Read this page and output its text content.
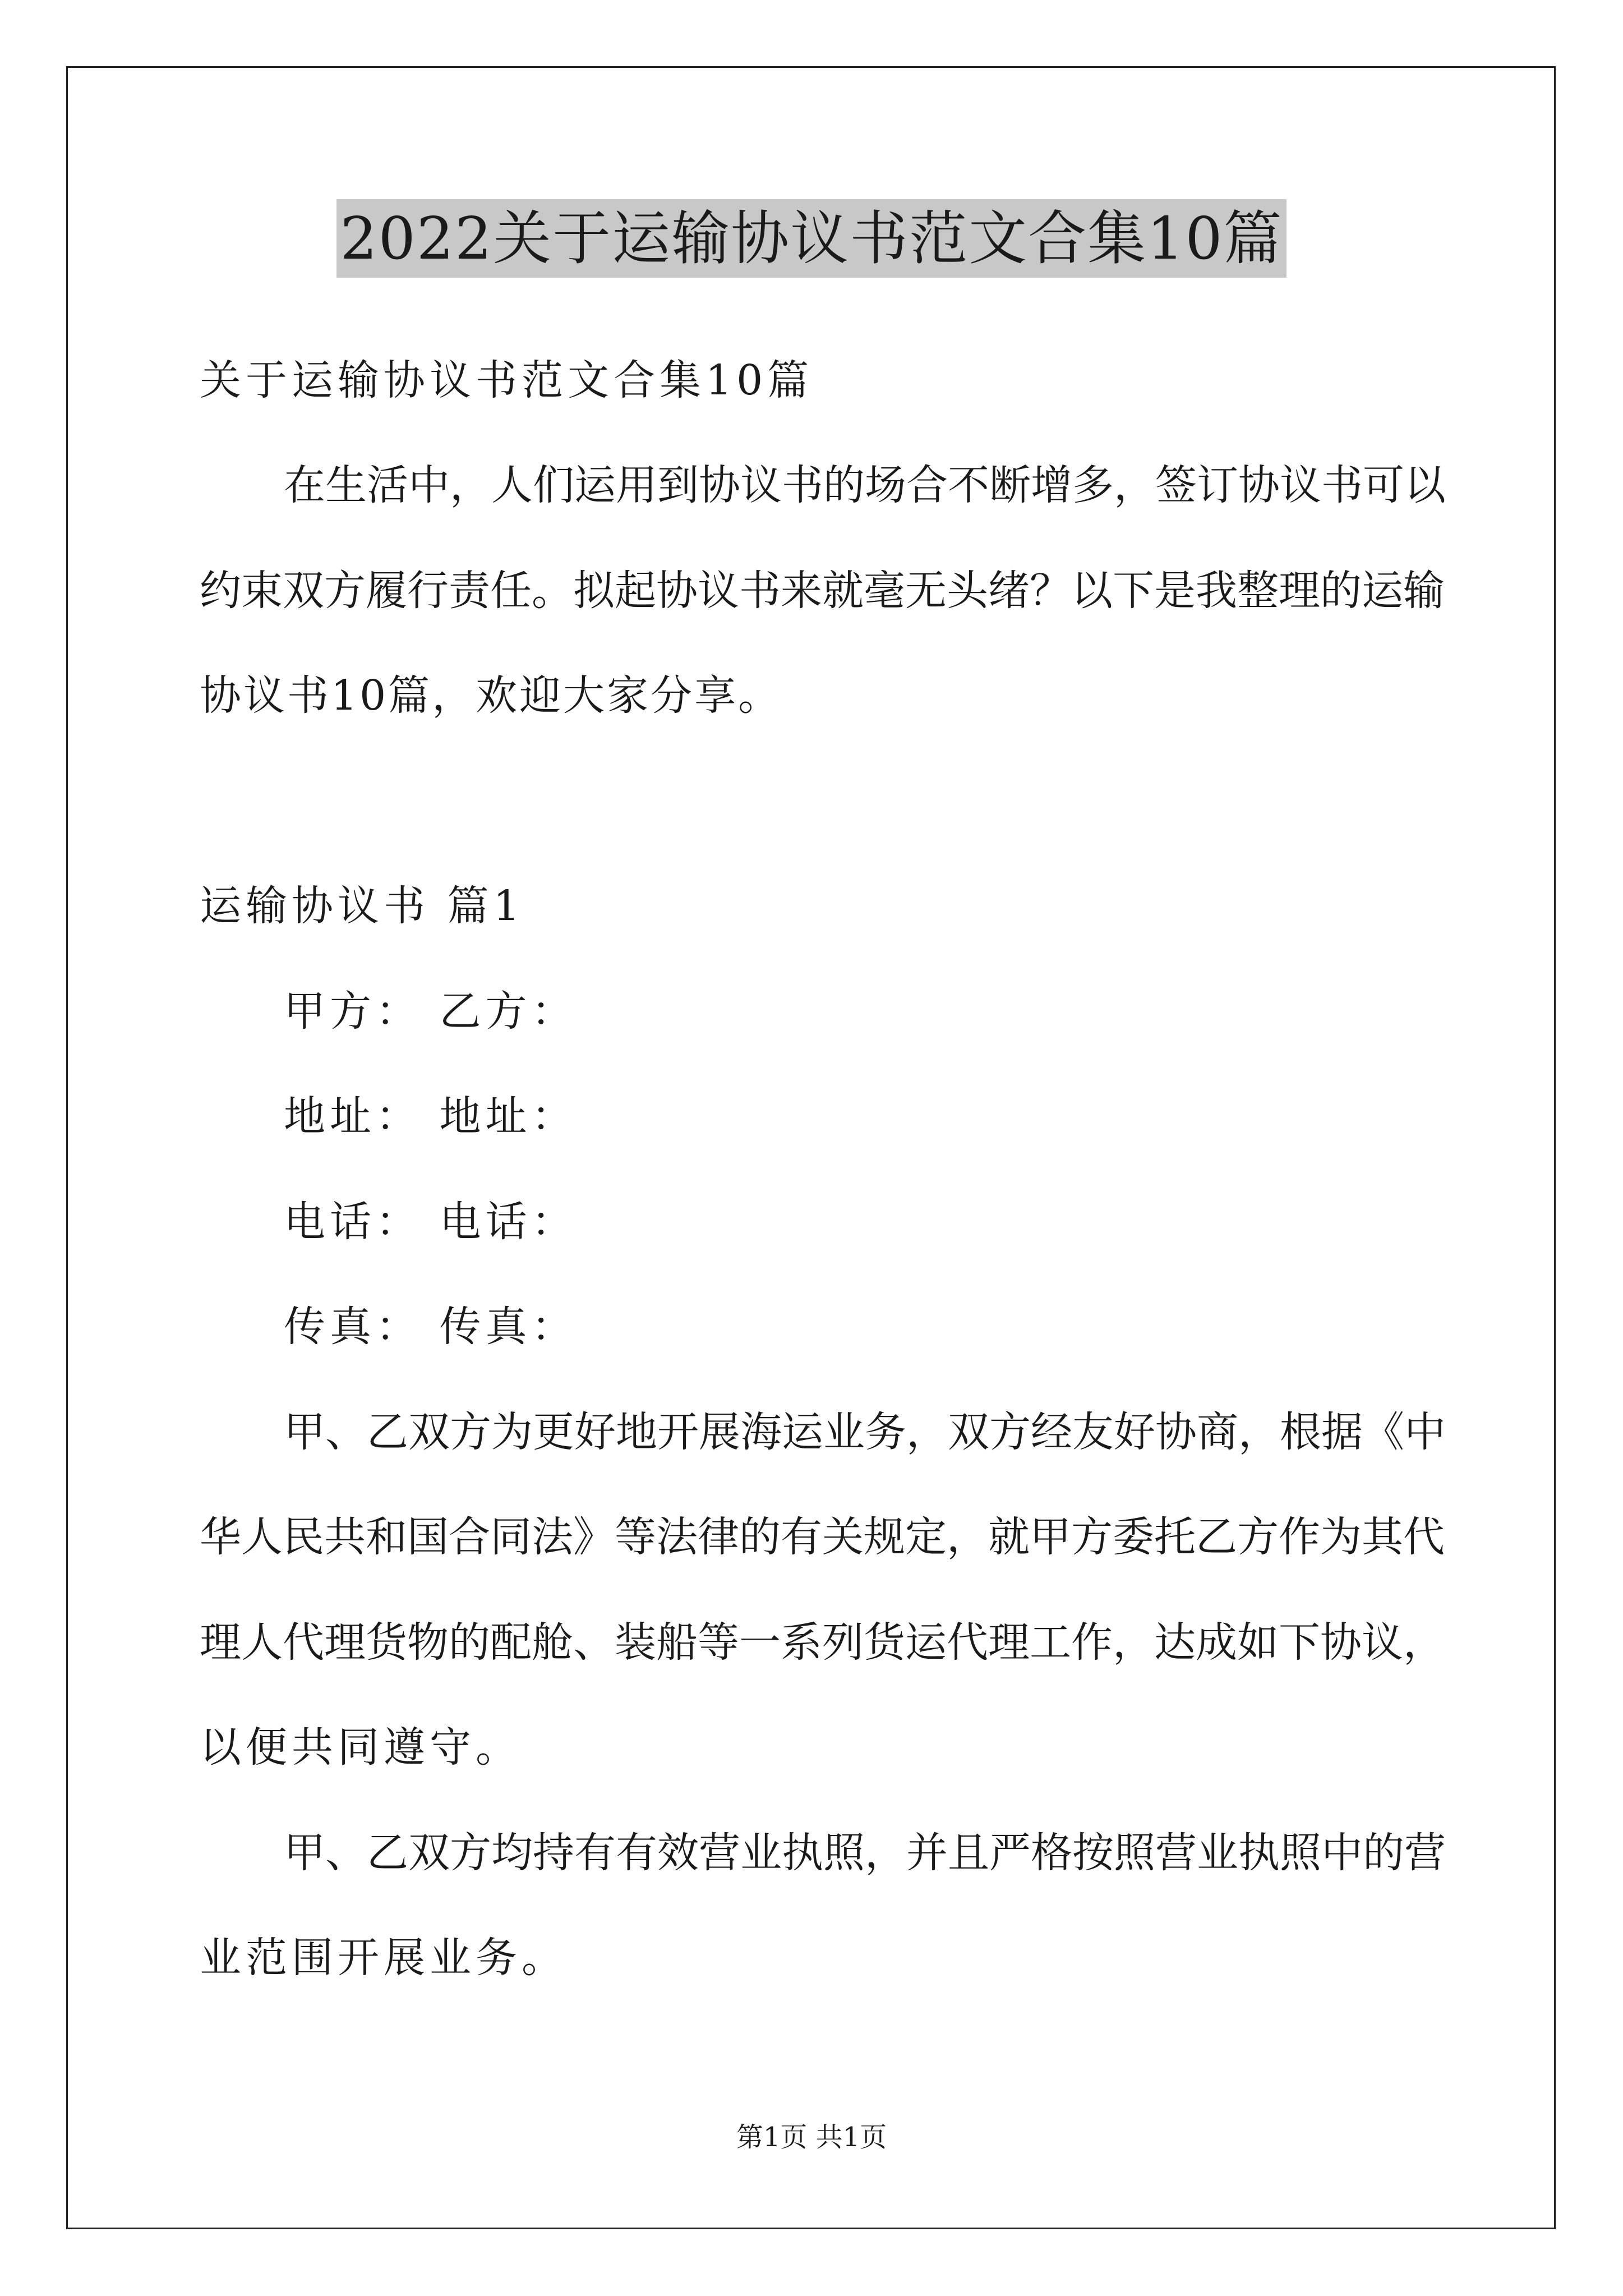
2022关于运输协议书范文合集10篇
关于运输协议书范文合集10篇
在生活中，人们运用到协议书的场合不断增多，签订协议书可以
约束双方履行责任。拟起协议书来就毫无头绪？以下是我整理的运输
协议书10篇，欢迎大家分享。
运输协议书 篇1
甲方： 乙方：
地址： 地址：
电话： 电话：
传真： 传真：
甲、乙双方为更好地开展海运业务，双方经友好协商，根据《中
华人民共和国合同法》等法律的有关规定，就甲方委托乙方作为其代
理人代理货物的配舱、装船等一系列货运代理工作，达成如下协议，
以便共同遵守。
甲、乙双方均持有有效营业执照，并且严格按照营业执照中的营
业范围开展业务。
第1页 共1页
